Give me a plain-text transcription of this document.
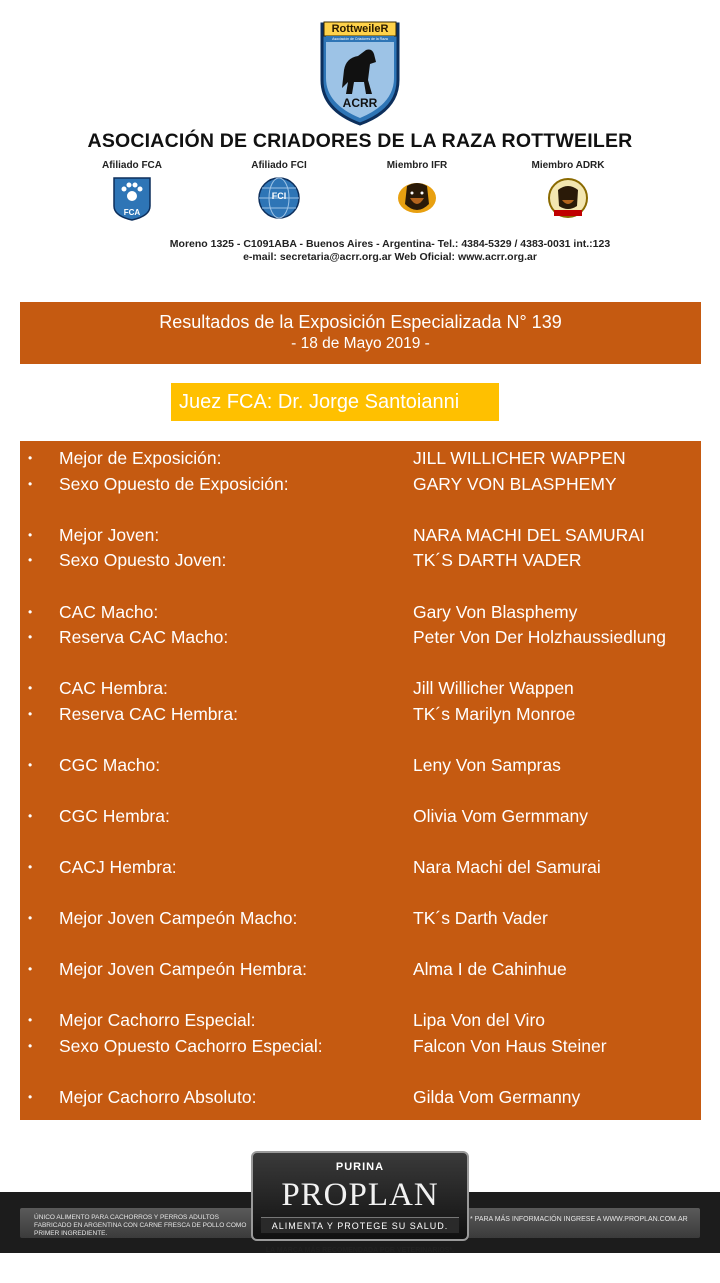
RottweileR
Asociación de Criadores de la Raza
ACRR
ASOCIACIÓN DE CRIADORES DE LA RAZA ROTTWEILER
Afiliado FCA
FCA
Afiliado FCI
FCI
Miembro IFR	Miembro ADRK
Moreno 1325 - C1091ABA - Buenos Aires - Argentina- Tel.: 4384-5329 / 4383-0031 int.:123
e-mail: secretaria@acrr.org.ar Web Oficial: www.acrr.org.ar
Resultados de la Exposición Especializada N° 139
- 18 de Mayo 2019 -
Juez FCA: Dr. Jorge Santoianni
• Mejor de Exposición:	JILL WILLICHER WAPPEN
• Sexo Opuesto de Exposición:	GARY VON BLASPHEMY
• Mejor Joven:	NARA MACHI DEL SAMURAI
• Sexo Opuesto Joven:	TK´S DARTH VADER
• CAC Macho:	Gary Von Blasphemy
• Reserva CAC Macho:	Peter Von Der Holzhaussiedlung
• CAC Hembra:	Jill Willicher Wappen
• Reserva CAC Hembra:	TK´s Marilyn Monroe
• CGC Macho:	Leny Von Sampras
• CGC Hembra:	Olivia Vom Germmany
• CACJ Hembra:	Nara Machi del Samurai
• Mejor Joven Campeón Macho:	TK´s Darth Vader
• Mejor Joven Campeón Hembra:	Alma I de Cahinhue
• Mejor Cachorro Especial:	Lipa Von del Viro
• Sexo Opuesto Cachorro Especial:	Falcon Von Haus Steiner
• Mejor Cachorro Absoluto:	Gilda Vom Germanny
ÚNICO ALIMENTO PARA CACHORROS Y PERROS ADULTOS FABRICADO EN ARGENTINA CON CARNE FRESCA DE POLLO COMO PRIMER INGREDIENTE.
* PARA MÁS INFORMACIÓN INGRESE A WWW.PROPLAN.COM.AR
PURINA
PROPLAN
ALIMENTA Y PROTEGE SU SALUD.
LA MARCA MÁS RECOMENDADA POR VETERINARIOS*.
